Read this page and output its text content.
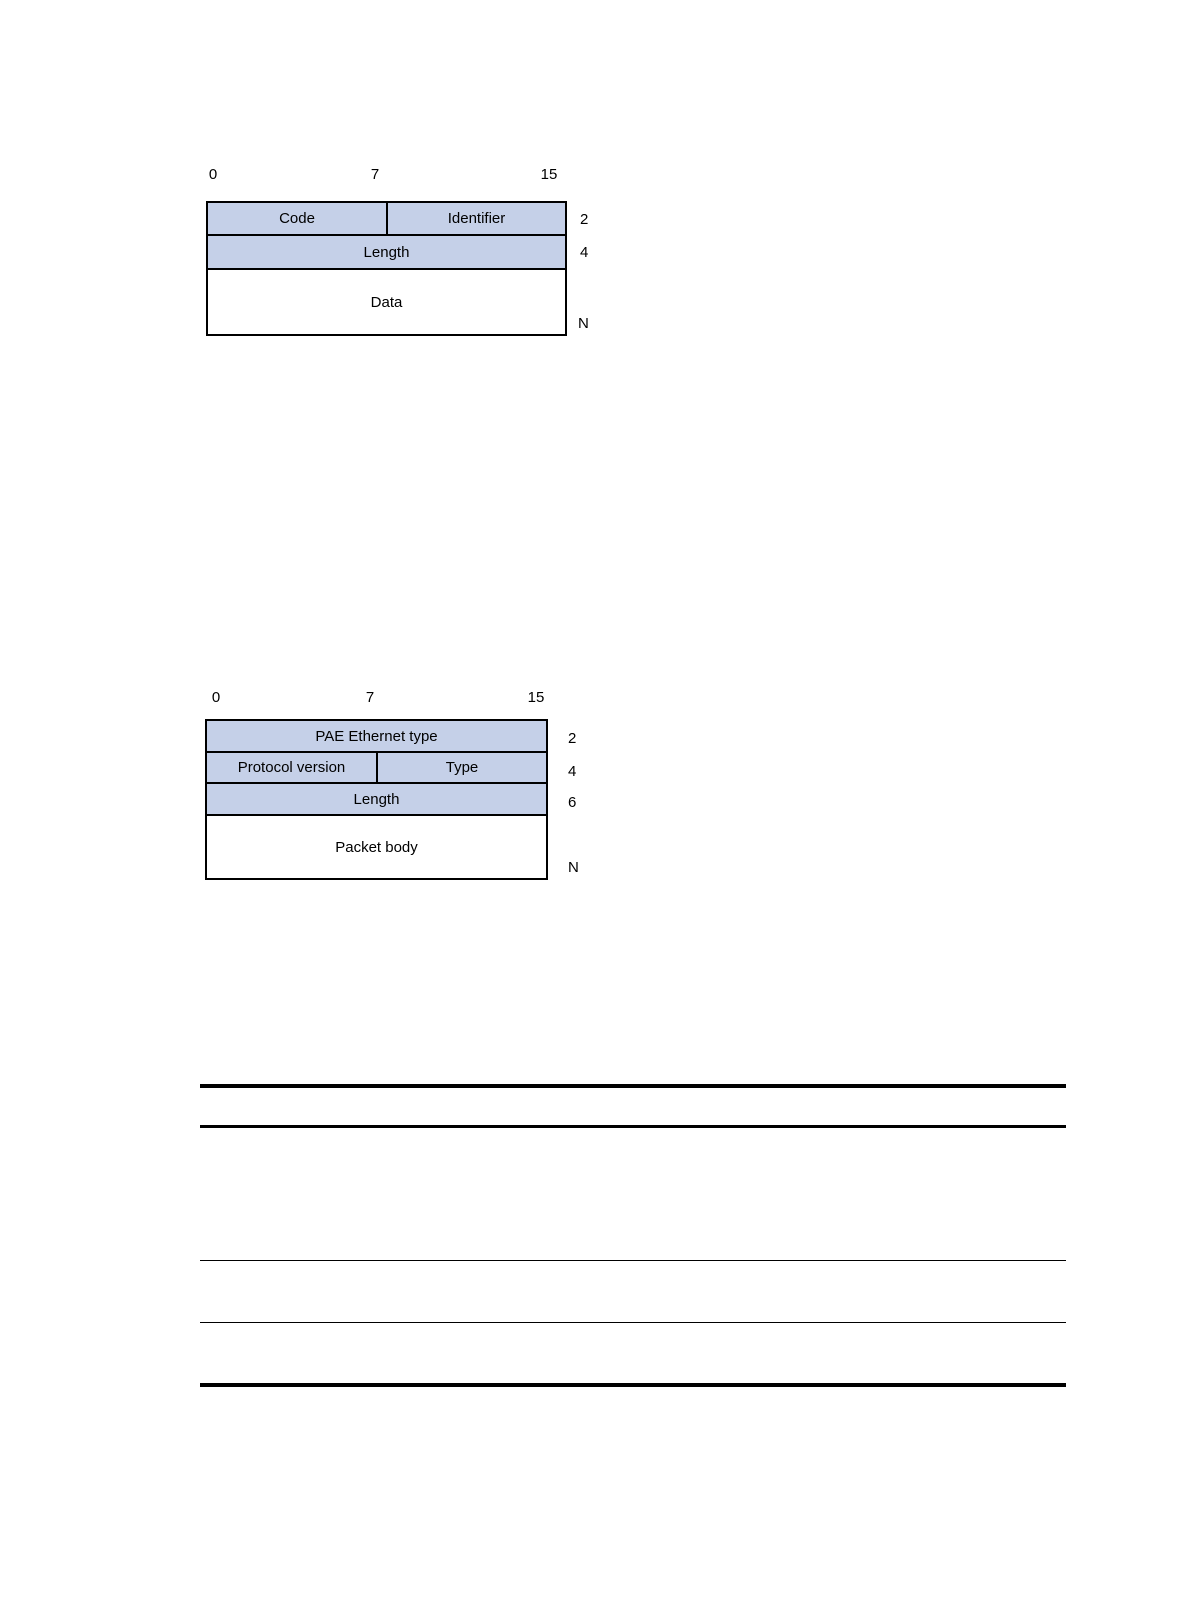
0	7	15
Code	Identifier
Length
Data
2
4
N
0	7	15
PAE Ethernet type
Protocol version	Type
Length
Packet body
2
4
6
N
